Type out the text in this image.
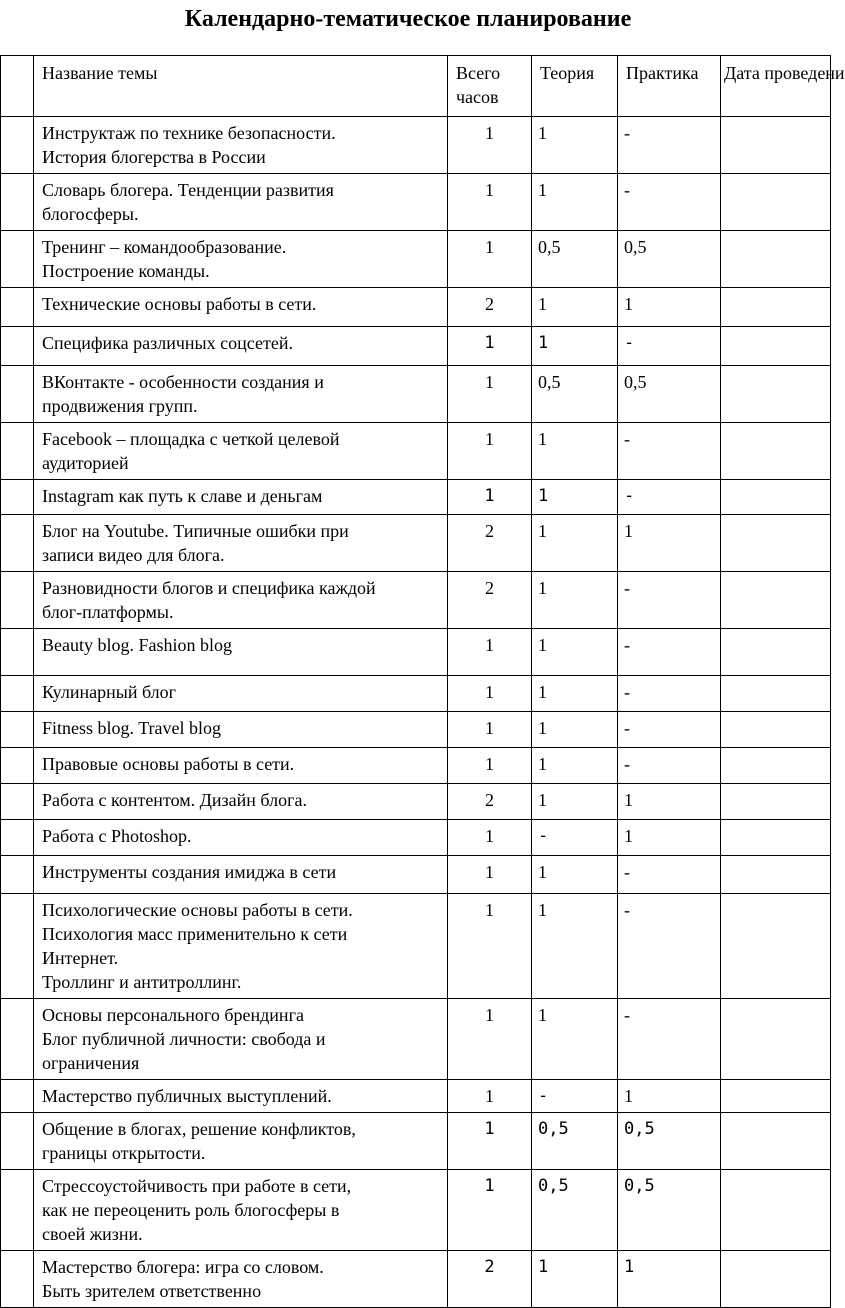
Календарно-тематическое планирование
	Название темы	Всего
часов	Теория	Практика	Дата проведени
	Инструктаж по технике безопасности.
История блогерства в России	1	1	-	
	Словарь блогера. Тенденции развития
блогосферы.	1	1	-	
	Тренинг – командообразование.
Построение команды.	1	0,5	0,5	
	Технические основы работы в сети.	2	1	1	
	Специфика различных соцсетей.	1	1	-	
	ВКонтакте - особенности создания и
продвижения групп.	1	0,5	0,5	
	Facebook – площадка с четкой целевой
аудиторией	1	1	-	
	Instagram как путь к славе и деньгам	1	1	-	
	Блог на Youtube. Типичные ошибки при
записи видео для блога.	2	1	1	
	Разновидности блогов и специфика каждой
блог-платформы.	2	1	-	
	Beauty blog. Fashion blog	1	1	-	
	Кулинарный блог	1	1	-	
	Fitness blog. Travel blog	1	1	-	
	Правовые основы работы в сети.	1	1	-	
	Работа с контентом. Дизайн блога.	2	1	1	
	Работа с Photoshop.	1	-	1	
	Инструменты создания имиджа в сети	1	1	-	
	Психологические основы работы в сети.
Психология масс применительно к сети
Интернет.
Троллинг и антитроллинг.	1	1	-	
	Основы персонального брендинга
Блог публичной личности: свобода и
ограничения	1	1	-	
	Мастерство публичных выступлений.	1	-	1	
	Общение в блогах, решение конфликтов,
границы открытости.	1	0,5	0,5	
	Стрессоустойчивость при работе в сети,
как не переоценить роль блогосферы в
своей жизни.	1	0,5	0,5	
	Мастерство блогера: игра со словом.
Быть зрителем ответственно	2	1	1	
